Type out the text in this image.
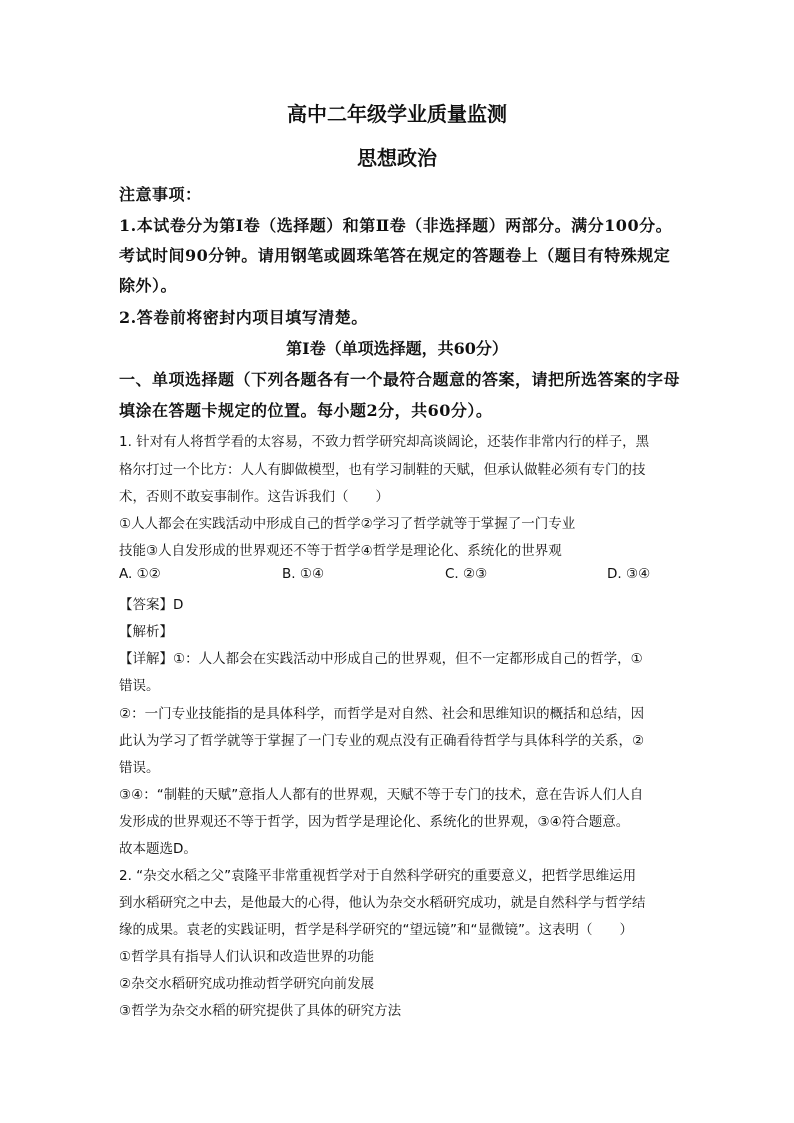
高中二年级学业质量监测
思想政治
注意事项：
1.本试卷分为第Ⅰ卷（选择题）和第Ⅱ卷（非选择题）两部分。满分100分。
考试时间90分钟。请用钢笔或圆珠笔答在规定的答题卷上（题目有特殊规定
除外）。
2.答卷前将密封内项目填写清楚。
第Ⅰ卷（单项选择题，共60分）
一、单项选择题（下列各题各有一个最符合题意的答案，请把所选答案的字母
填涂在答题卡规定的位置。每小题2分，共60分）。
1. 针对有人将哲学看的太容易，不致力哲学研究却高谈阔论，还装作非常内行的样子，黑
格尔打过一个比方：人人有脚做模型，也有学习制鞋的天赋，但承认做鞋必须有专门的技
术，否则不敢妄事制作。这告诉我们（　　）
①人人都会在实践活动中形成自己的哲学②学习了哲学就等于掌握了一门专业
技能③人自发形成的世界观还不等于哲学④哲学是理论化、系统化的世界观
A. ①②	B. ①④	C. ②③	D. ③④
【答案】D
【解析】
【详解】①：人人都会在实践活动中形成自己的世界观，但不一定都形成自己的哲学，①
错误。
②：一门专业技能指的是具体科学，而哲学是对自然、社会和思维知识的概括和总结，因
此认为学习了哲学就等于掌握了一门专业的观点没有正确看待哲学与具体科学的关系，②
错误。
③④：“制鞋的天赋”意指人人都有的世界观，天赋不等于专门的技术，意在告诉人们人自
发形成的世界观还不等于哲学，因为哲学是理论化、系统化的世界观，③④符合题意。
故本题选D。
2. “杂交水稻之父”袁隆平非常重视哲学对于自然科学研究的重要意义，把哲学思维运用
到水稻研究之中去，是他最大的心得，他认为杂交水稻研究成功，就是自然科学与哲学结
缘的成果。袁老的实践证明，哲学是科学研究的“望远镜”和“显微镜”。这表明（　　）
①哲学具有指导人们认识和改造世界的功能
②杂交水稻研究成功推动哲学研究向前发展
③哲学为杂交水稻的研究提供了具体的研究方法
